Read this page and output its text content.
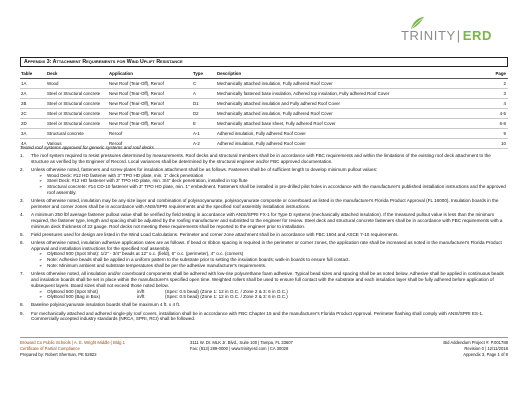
TRINITY| ERD
Appendix 3: Attachment Requirements for Wind Uplift Resistance
Table	Deck	Application	Type	Description	Page
1A	Wood	New Roof (Tear-Off), Reroof	C	Mechanically attached insulation, Fully adhered Roof Cover	2
2A	Steel or Structural concrete	New Roof (Tear-Off), Reroof	A	Mechanically fastened base insulation, Adhered top insulation, Fully adhered Roof Cover	3
2B	Steel or Structural concrete	New Roof (Tear-Off), Reroof	D1	Mechanically attached insulation and Fully adhered Roof Cover	4
2C	Steel or Structural concrete	New Roof (Tear-Off), Reroof	D2	Mechanically attached insulation, Fully adhered Roof Cover	4-5
2D	Steel or Structural concrete	New Roof (Tear-Off), Reroof	E	Mechanically attached base sheet, Fully adhered Roof Cover	6-8
3A	Structural concrete	Reroof	A-1	Adhered insulation, Fully adhered Roof Cover	9
4A	Various	Reroof	A-2	Adhered insulation, Fully adhered Roof Cover	10
Tested roof systems approved for generic systems and roof decks
1.	The roof system required to resist pressures determined by measurements. Roof decks and structural members shall be in accordance with FBC requirements and within the limitations of the existing roof deck attachment to the structure as verified by the Engineer of Record. Local variances shall be determined by the structural engineer and/or FBC approved documentation.
2.	Unless otherwise noted, fasteners and screw plates for insulation attachment shall be as follows. Fasteners shall be of sufficient length to develop minimum pullout values:
➢	Wood Deck: #12 HD fastener with 3" TPO HD plate, min. 1" deck penetration
➢	Steel Deck: #12 HD fastener with 3" TPO HD plate, min. 3/4" deck penetration, installed in top flute
➢	Structural concrete: #14 CD-10 fastener with 3" TPO HD plate, min. 1" embedment. Fasteners shall be installed in pre-drilled pilot holes in accordance with the manufacturer's published installation instructions and the approved roof assembly.
3.	Unless otherwise noted, insulation may be any size layer and combination of polyisocyanurate, polyisocyanurate composite or coverboard as listed in the manufacturer's Florida Product Approval (FL 16000). Insulation boards in the perimeter and corner zones shall be in accordance with ANSI/SPRI requirements and the specified roof assembly installation instructions.
4.	A minimum 250 lbf average fastener pullout value shall be verified by field testing in accordance with ANSI/SPRI FX-1 for Type D systems (mechanically attached insulation). If the measured pullout value is less than the minimum required, the fastener type, length and spacing shall be adjusted by the roofing manufacturer and submitted to the engineer for review. Steel deck and structural concrete fasteners shall be in accordance with FBC requirements with a minimum deck thickness of 22 gauge. Roof decks not meeting these requirements shall be reported to the engineer prior to installation.
5.	Field pressures used for design are listed in the Wind Load Calculations. Perimeter and corner zone attachment shall be in accordance with FBC 1504 and ASCE 7-10 requirements.
6.	Unless otherwise noted, insulation adhesive application rates are as follows. If bead or ribbon spacing is required in the perimeter or corner zones, the application rate shall be increased as noted in the manufacturer's Florida Product Approval and installation instructions for the specified roof assembly.
➢	OlyBond 500 (Spot Shot): 1/2" - 3/4" beads at 12" o.c. (field), 6" o.c. (perimeter), 4" o.c. (corners)
➢	Note: Adhesive beads shall be applied in a uniform pattern to the substrate prior to setting the insulation boards; walk-in boards to ensure full contact.
➢	Note: Minimum ambient and substrate temperatures shall be per the adhesive manufacturer's requirements.
7.	Unless otherwise noted, all insulation and/or coverboard components shall be adhered with low-rise polyurethane foam adhesive. Typical bead sizes and spacing shall be as noted below. Adhesive shall be applied in continuous beads and insulation boards shall be set in place within the manufacturer's specified open time. Weighted rollers shall be used to ensure full contact with the substrate and each insulation layer shall be fully adhered before application of subsequent layers. Board sizes shall not exceed those noted below.
➢	OlyBond 500 (Spot Shot)	in/ft	(Spec: 0.5 bead) (Zone 1: 12 in O.C. / Zone 2 & 3: 6 in O.C.)
➢	OlyBond 500 (Bag in Box)	in/ft	(Spec: 0.5 bead) (Zone 1: 12 in O.C. / Zone 2 & 3: 6 in O.C.)
8.	Baseline polyisocyanurate insulation boards shall be maximum 4 ft. x 4 ft.
9.	For mechanically attached and adhered single-ply roof covers, installation shall be in accordance with FBC Chapter 15 and the manufacturer's Florida Product Approval. Perimeter flashing shall comply with ANSI/SPRI ES-1. Commercially accepted industry standards (NRCA, SPRI, RCI) shall be followed.
Broward Co Public Schools | A. E. Wright Middle | Bldg 1
Certificate of Partial Compliance
Prepared by: Robert Sherman, PE 52822
3111 W. Dr. MLK Jr. Blvd., Suite 100 | Tampa, FL 33607
Fax: (813) 289-0000 | www.trinityerd.com | CA 30028
Bid Addendum Project #: P.001788
Revision 0 | 12/11/2018
Appendix 3, Page 1 of 8
